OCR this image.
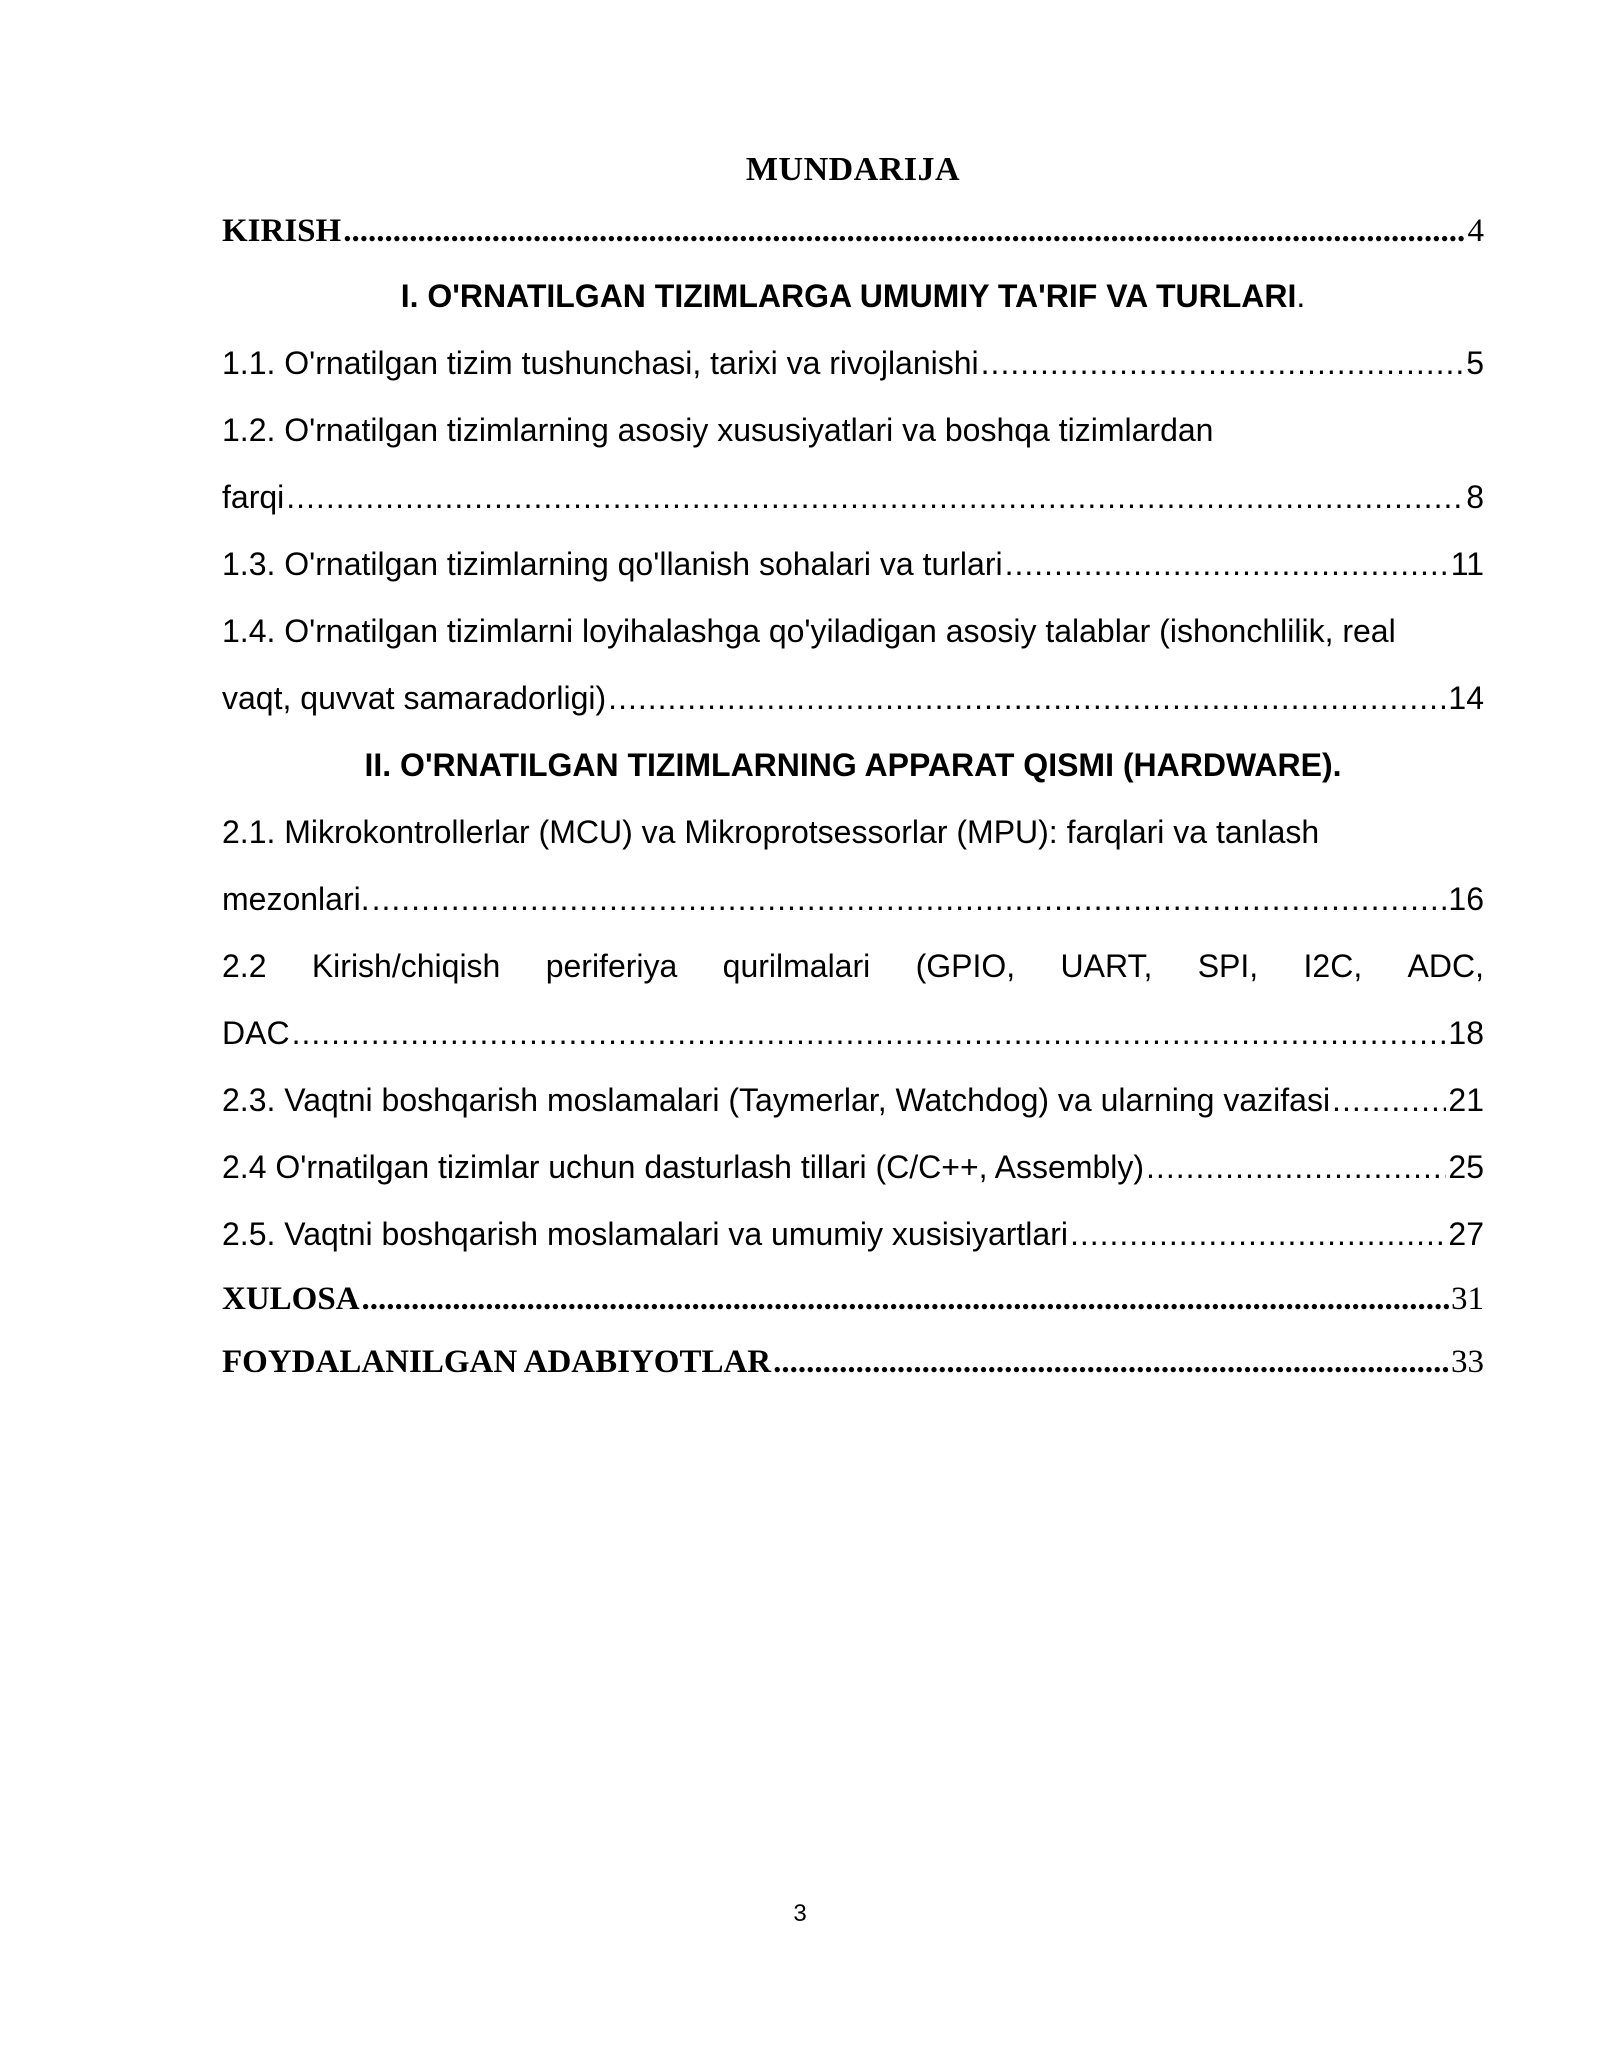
MUNDARIJA
KIRISH .....	4
I. O'RNATILGAN TIZIMLARGA UMUMIY TA'RIF VA TURLARI.
1.1. O'rnatilgan tizim tushunchasi, tarixi va rivojlanishi .....	5
1.2. O'rnatilgan tizimlarning asosiy xususiyatlari va boshqa tizimlardan
farqi .....	8
1.3. O'rnatilgan tizimlarning qo'llanish sohalari va turlari .....	11
1.4. O'rnatilgan tizimlarni loyihalashga qo'yiladigan asosiy talablar (ishonchlilik, real
vaqt, quvvat samaradorligi) .....	14
II. O'RNATILGAN TIZIMLARNING APPARAT QISMI (HARDWARE).
2.1. Mikrokontrollerlar (MCU) va Mikroprotsessorlar (MPU): farqlari va tanlash
mezonlari. .....	16
2.2 Kirish/chiqish periferiya qurilmalari (GPIO, UART, SPI, I2C, ADC,
DAC .....	18
2.3. Vaqtni boshqarish moslamalari (Taymerlar, Watchdog) va ularning vazifasi .....	21
2.4 O'rnatilgan tizimlar uchun dasturlash tillari (C/C++, Assembly) .....	25
2.5. Vaqtni boshqarish moslamalari va umumiy xusisiyartlari .....	27
XULOSA .....	31
FOYDALANILGAN ADABIYOTLAR .....	33
3
